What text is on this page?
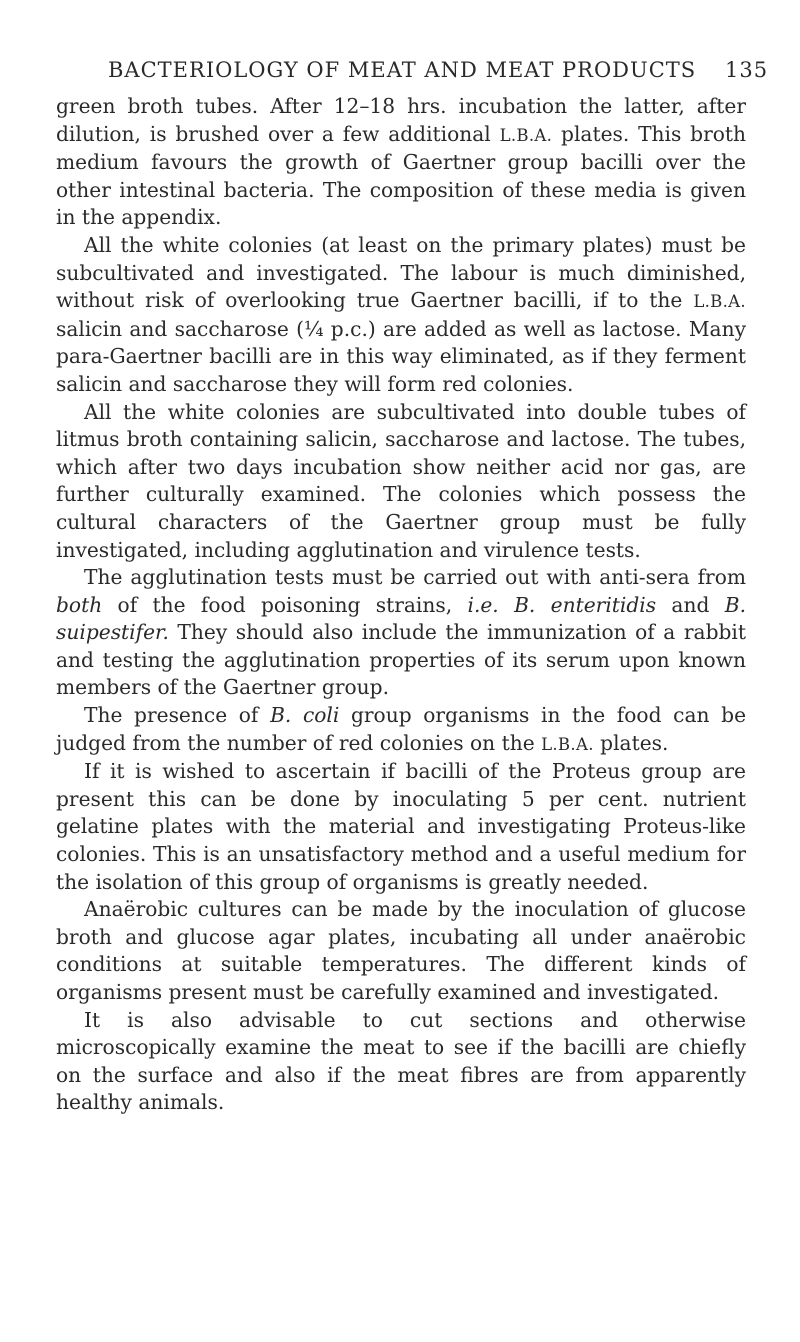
BACTERIOLOGY OF MEAT AND MEAT PRODUCTS 135

green broth tubes. After 12–18 hrs. incubation the latter, after dilution, is brushed over a few additional L.B.A. plates. This broth medium favours the growth of Gaertner group bacilli over the other intestinal bacteria. The composition of these media is given in the appendix.

All the white colonies (at least on the primary plates) must be subcultivated and investigated. The labour is much diminished, without risk of overlooking true Gaertner bacilli, if to the L.B.A. salicin and saccharose (¼ p.c.) are added as well as lactose. Many para-Gaertner bacilli are in this way eliminated, as if they ferment salicin and saccharose they will form red colonies.

All the white colonies are subcultivated into double tubes of litmus broth containing salicin, saccharose and lactose. The tubes, which after two days incubation show neither acid nor gas, are further culturally examined. The colonies which possess the cultural characters of the Gaertner group must be fully investigated, including agglutination and virulence tests.

The agglutination tests must be carried out with anti-sera from both of the food poisoning strains, i.e. B. enteritidis and B. suipestifer. They should also include the immunization of a rabbit and testing the agglutination properties of its serum upon known members of the Gaertner group.

The presence of B. coli group organisms in the food can be judged from the number of red colonies on the L.B.A. plates.

If it is wished to ascertain if bacilli of the Proteus group are present this can be done by inoculating 5 per cent. nutrient gelatine plates with the material and investigating Proteus-like colonies. This is an unsatisfactory method and a useful medium for the isolation of this group of organisms is greatly needed.

Anaërobic cultures can be made by the inoculation of glucose broth and glucose agar plates, incubating all under anaërobic conditions at suitable temperatures. The different kinds of organisms present must be carefully examined and investigated.

It is also advisable to cut sections and otherwise microscopically examine the meat to see if the bacilli are chiefly on the surface and also if the meat fibres are from apparently healthy animals.
